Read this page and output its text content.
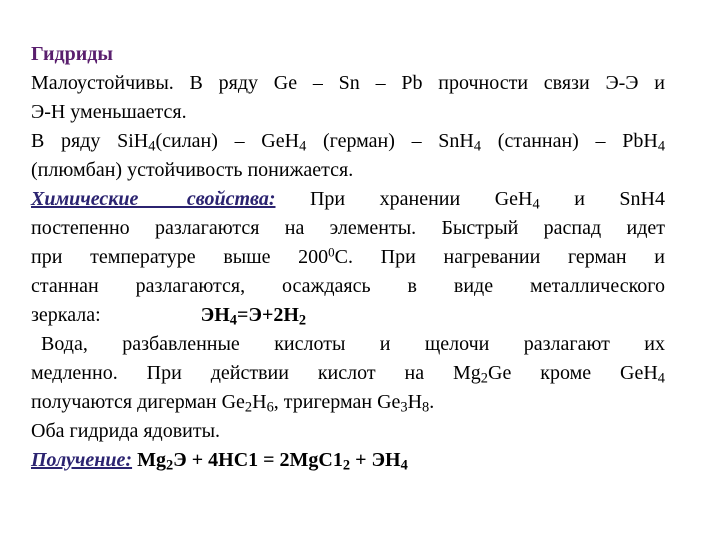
Гидриды

Малоустойчивы. В ряду Ge – Sn – Pb прочности связи Э-Э и

Э-Н уменьшается.

В ряду SiH$_4$(силан) – GeH$_4$ (герман) – SnH$_4$ (станнан) – PbH$_4$

(плюмбан) устойчивость понижается.

Химические свойства: При хранении GeH$_4$ и SnH4

постепенно разлагаются на элементы. Быстрый распад идет

при температуре выше $200^0С$. При нагревании герман и

станнан разлагаются, осаждаясь в виде металлического

зеркала:	$ЭН_4=Э+2Н_2$

Вода, разбавленные кислоты и щелочи разлагают их

медленно. При действии кислот на $Mg_2Ge$ кроме GeH$_4$

получаются дигерман $Ge_2H_6$, тригерман $Ge_3H_8$.

Оба гидрида ядовиты.

Получение: $Mg_2Э + 4НС1 = 2MgC1_2 + ЭН_4$
